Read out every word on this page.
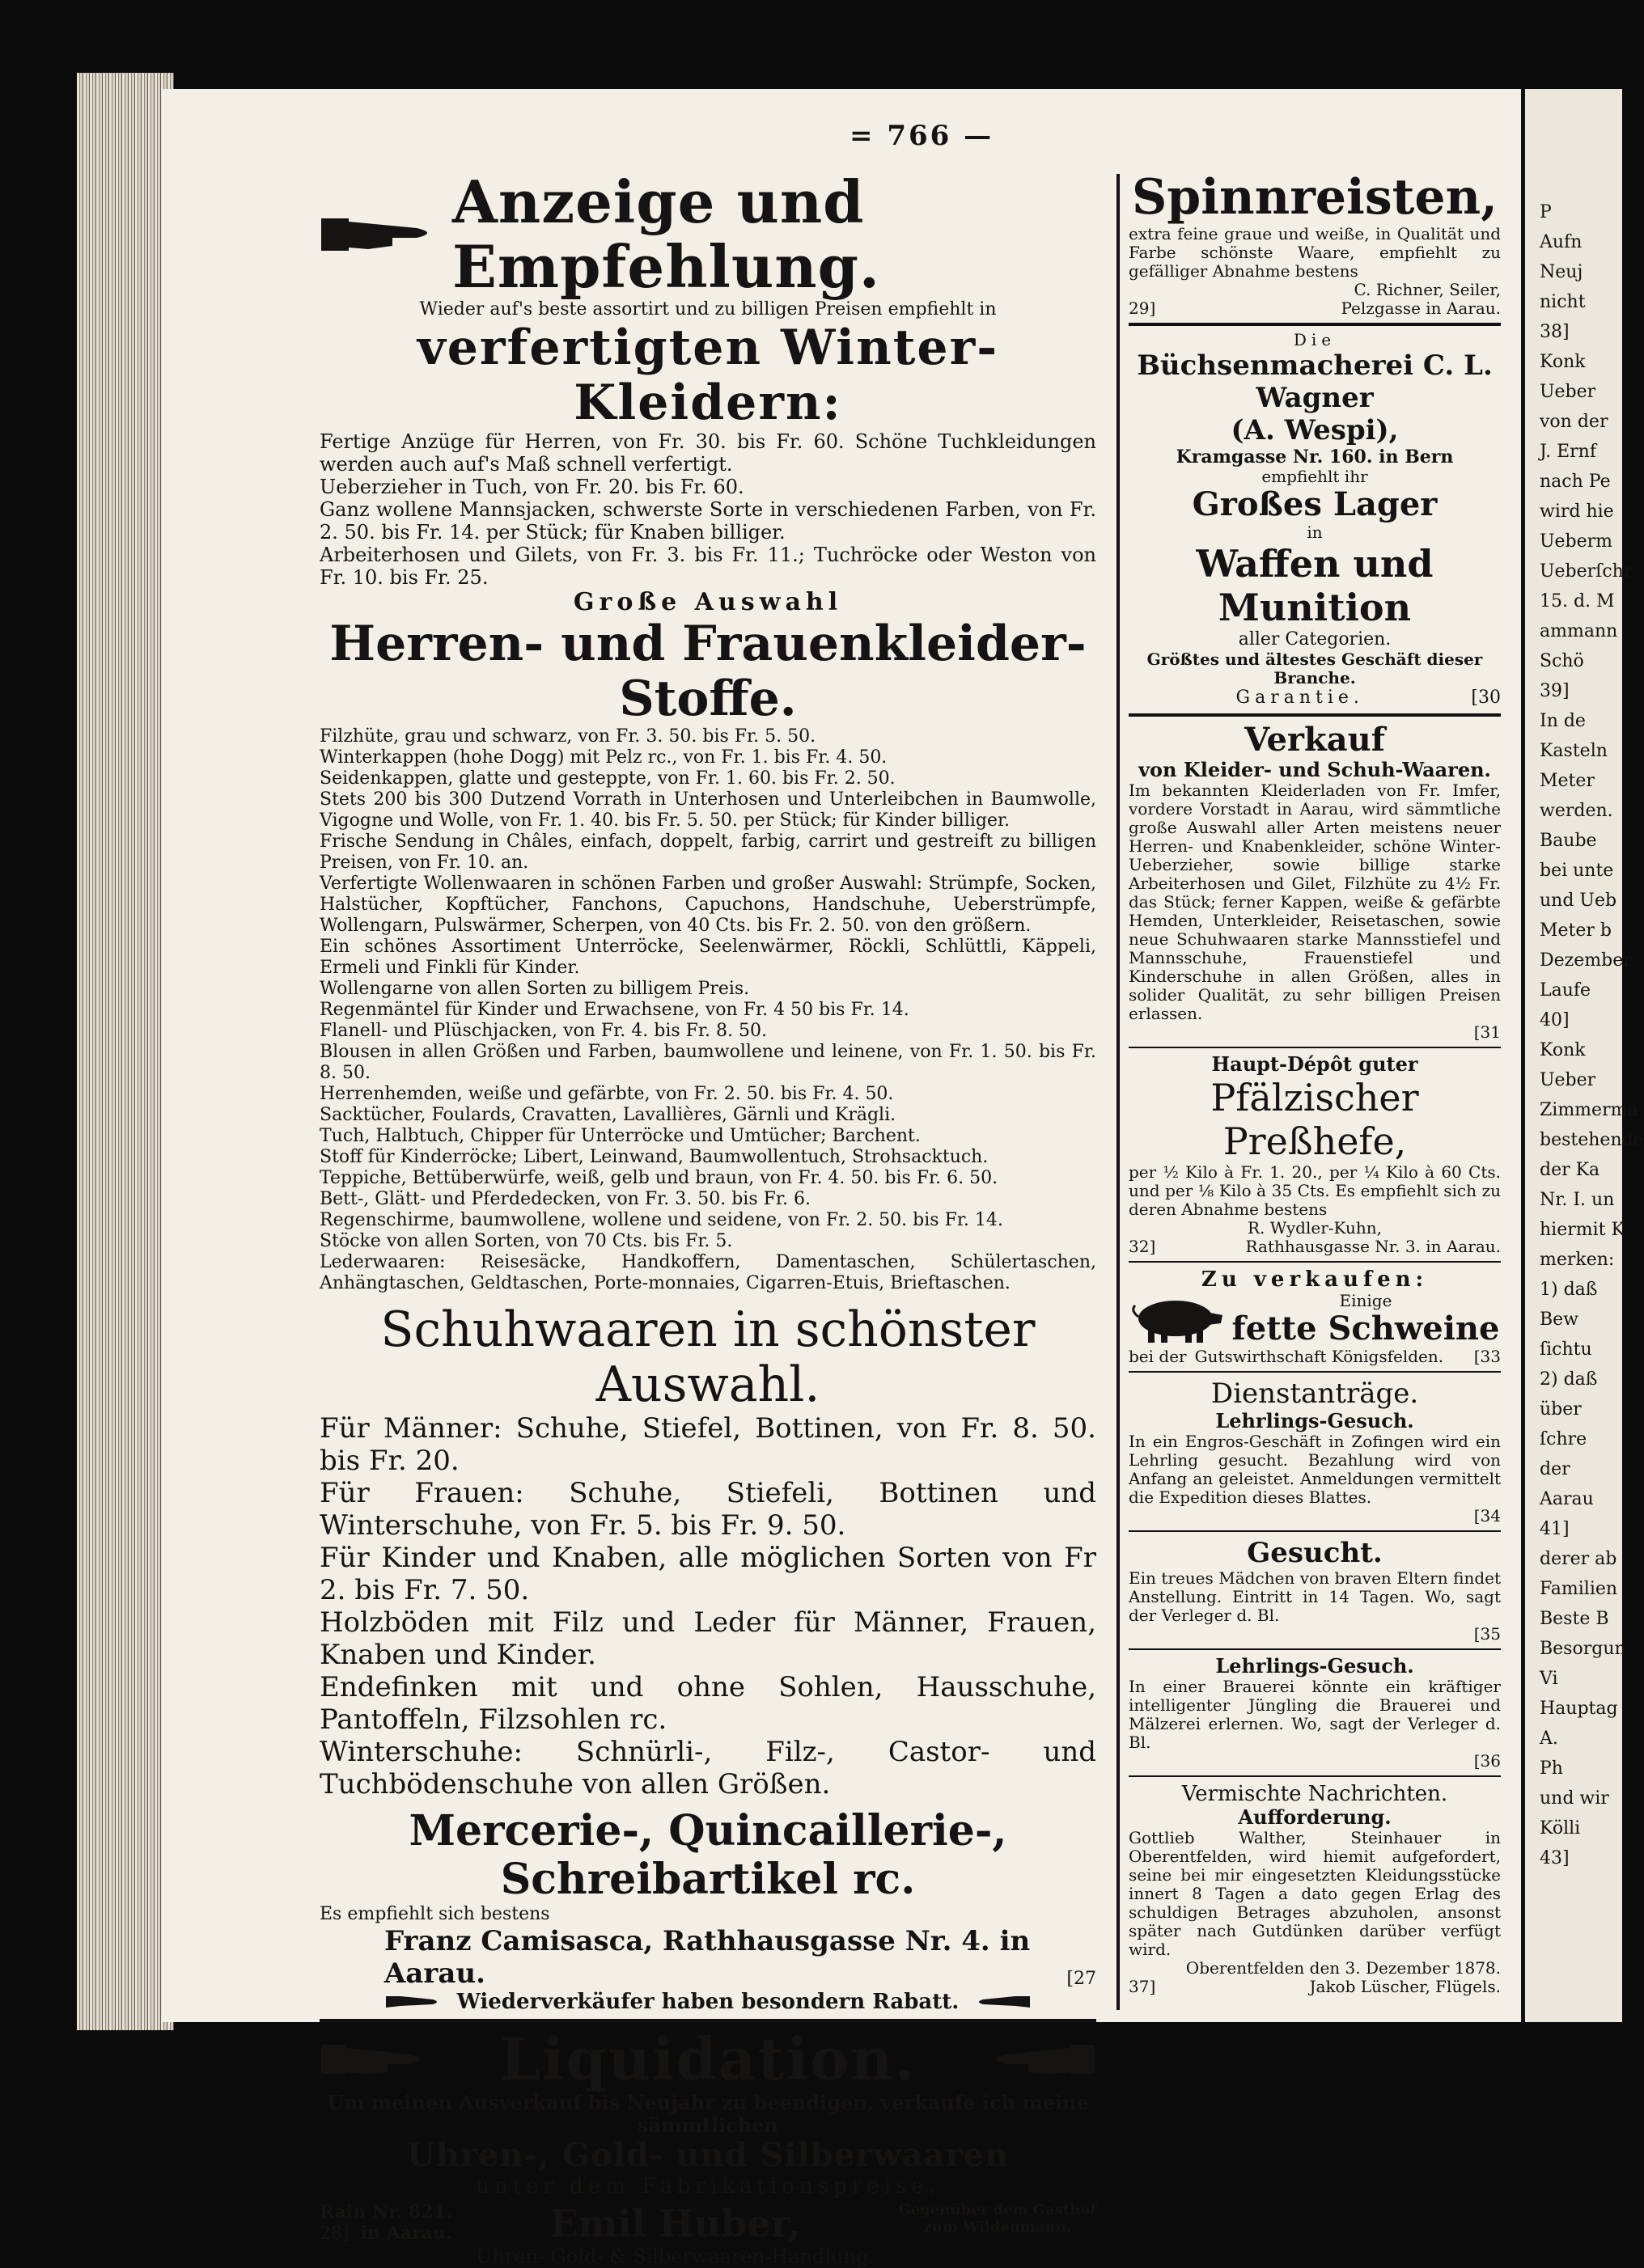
P
Aufn
Neuj
nicht
38]
Konk
Ueber
von der
J. Ernf
nach Pe
wird hie
Ueberm
Ueberſchr
15. d. M
ammann
Schö
39]
In de
Kasteln
Meter
werden.
Baube
bei unte
und Ueb
Meter b
Dezember
Laufe
40]
Konk
Ueber
Zimmerma
bestehende
der Ka
Nr. I. un
hiermit K
merken:
1) daß
Bew
ſichtu
2) daß
über
ſchre
der
Aarau
41]
derer ab
Familien
Beste B
Besorgun
Vi
Hauptag
A.
Ph
und wir
Kölli
43]
= 766 —
Anzeige und Empfehlung.

Wieder auf's beste assortirt und zu billigen Preisen empfiehlt in

verfertigten Winter-Kleidern:

Fertige Anzüge für Herren, von Fr. 30. bis Fr. 60. Schöne Tuchkleidungen werden auch auf's Maß schnell verfertigt.

Ueberzieher in Tuch, von Fr. 20. bis Fr. 60.

Ganz wollene Mannsjacken, schwerste Sorte in verschiedenen Farben, von Fr. 2. 50. bis Fr. 14. per Stück; für Knaben billiger.

Arbeiterhosen und Gilets, von Fr. 3. bis Fr. 11.; Tuchröcke oder Weston von Fr. 10. bis Fr. 25.

Große Auswahl

Herren- und Frauenkleider-Stoffe.

Filzhüte, grau und schwarz, von Fr. 3. 50. bis Fr. 5. 50.

Winterkappen (hohe Dogg) mit Pelz rc., von Fr. 1. bis Fr. 4. 50.

Seidenkappen, glatte und gesteppte, von Fr. 1. 60. bis Fr. 2. 50.

Stets 200 bis 300 Dutzend Vorrath in Unterhosen und Unterleibchen in Baumwolle, Vigogne und Wolle, von Fr. 1. 40. bis Fr. 5. 50. per Stück; für Kinder billiger.

Frische Sendung in Châles, einfach, doppelt, farbig, carrirt und gestreift zu billigen Preisen, von Fr. 10. an.

Verfertigte Wollenwaaren in schönen Farben und großer Auswahl: Strümpfe, Socken, Halstücher, Kopftücher, Fanchons, Capuchons, Handschuhe, Ueberstrümpfe, Wollengarn, Pulswärmer, Scherpen, von 40 Cts. bis Fr. 2. 50. von den größern.

Ein schönes Assortiment Unterröcke, Seelenwärmer, Röckli, Schlüttli, Käppeli, Ermeli und Finkli für Kinder.

Wollengarne von allen Sorten zu billigem Preis.

Regenmäntel für Kinder und Erwachsene, von Fr. 4 50 bis Fr. 14.

Flanell- und Plüschjacken, von Fr. 4. bis Fr. 8. 50.

Blousen in allen Größen und Farben, baumwollene und leinene, von Fr. 1. 50. bis Fr. 8. 50.

Herrenhemden, weiße und gefärbte, von Fr. 2. 50. bis Fr. 4. 50.

Sacktücher, Foulards, Cravatten, Lavallières, Gärnli und Krägli.

Tuch, Halbtuch, Chipper für Unterröcke und Umtücher; Barchent.

Stoff für Kinderröcke; Libert, Leinwand, Baumwollentuch, Strohsacktuch.

Teppiche, Bettüberwürfe, weiß, gelb und braun, von Fr. 4. 50. bis Fr. 6. 50.

Bett-, Glätt- und Pferdedecken, von Fr. 3. 50. bis Fr. 6.

Regenschirme, baumwollene, wollene und seidene, von Fr. 2. 50. bis Fr. 14.

Stöcke von allen Sorten, von 70 Cts. bis Fr. 5.

Lederwaaren: Reisesäcke, Handkoffern, Damentaschen, Schülertaschen, Anhängtaschen, Geldtaschen, Porte-monnaies, Cigarren-Etuis, Brieftaschen.

Schuhwaaren in schönster Auswahl.

Für Männer: Schuhe, Stiefel, Bottinen, von Fr. 8. 50. bis Fr. 20.

Für Frauen: Schuhe, Stiefeli, Bottinen und Winterschuhe, von Fr. 5. bis Fr. 9. 50.

Für Kinder und Knaben, alle möglichen Sorten von Fr 2. bis Fr. 7. 50.

Holzböden mit Filz und Leder für Männer, Frauen, Knaben und Kinder.

Endefinken mit und ohne Sohlen, Hausschuhe, Pantoffeln, Filzsohlen rc.

Winterschuhe: Schnürli-, Filz-, Castor- und Tuchbödenschuhe von allen Größen.

Mercerie-, Quincaillerie-, Schreibartikel rc.

Es empfiehlt sich bestens
Franz Camisasca, Rathhausgasse Nr. 4. in Aarau.	[27
Wiederverkäufer haben besondern Rabatt.
Liquidation.

Um meinen Ausverkauf bis Neujahr zu beendigen, verkaufe ich meine sämmtlichen

Uhren-, Gold- und Silberwaaren

unter dem Fabrikationspreise.

Rain Nr. 821.
28] in Aarau.	Emil Huber,
Uhren- Gold- & Silberwaaren-Handlung.
Gegenüber dem Gasthof
zum Wildenmann.

Spinnreisten,

extra feine graue und weiße, in Qualität und Farbe schönste Waare, empfiehlt zu gefälliger Abnahme bestens

C. Richner, Seiler,

29]	Pelzgasse in Aarau.

Die

Büchsenmacherei C. L. Wagner

(A. Wespi),

Kramgasse Nr. 160. in Bern

empfiehlt ihr

Großes Lager

in

Waffen und Munition

aller Categorien.

Größtes und ältestes Geschäft dieser Branche.

Garantie.	[30

Verkauf

von Kleider- und Schuh-Waaren.

Im bekannten Kleiderladen von Fr. Imfer, vordere Vorstadt in Aarau, wird sämmtliche große Auswahl aller Arten meistens neuer Herren- und Knabenkleider, schöne Winter-Ueberzieher, sowie billige starke Arbeiterhosen und Gilet, Filzhüte zu 4½ Fr. das Stück; ferner Kappen, weiße & gefärbte Hemden, Unterkleider, Reisetaschen, sowie neue Schuhwaaren starke Mannsstiefel und Mannsschuhe, Frauenstiefel und Kinderschuhe in allen Größen, alles in solider Qualität, zu sehr billigen Preisen erlassen.

[31

Haupt-Dépôt guter

Pfälzischer Preßhefe,

per ½ Kilo à Fr. 1. 20., per ¼ Kilo à 60 Cts. und per ⅛ Kilo à 35 Cts. Es empfiehlt sich zu deren Abnahme bestens

R. Wydler-Kuhn,

32]	Rathhausgasse Nr. 3. in Aarau.

Zu verkaufen:

Einige

fette Schweine

bei der Gutswirthschaft Königsfelden.	[33

Dienstanträge.

Lehrlings-Gesuch.

In ein Engros-Geschäft in Zofingen wird ein Lehrling gesucht. Bezahlung wird von Anfang an geleistet. Anmeldungen vermittelt die Expedition dieses Blattes.

[34

Gesucht.

Ein treues Mädchen von braven Eltern findet Anstellung. Eintritt in 14 Tagen. Wo, sagt der Verleger d. Bl.

[35

Lehrlings-Gesuch.

In einer Brauerei könnte ein kräftiger intelligenter Jüngling die Brauerei und Mälzerei erlernen. Wo, sagt der Verleger d. Bl.

[36

Vermischte Nachrichten.

Aufforderung.

Gottlieb Walther, Steinhauer in Oberentfelden, wird hiemit aufgefordert, seine bei mir eingesetzten Kleidungsstücke innert 8 Tagen a dato gegen Erlag des schuldigen Betrages abzuholen, ansonst später nach Gutdünken darüber verfügt wird.

Oberentfelden den 3. Dezember 1878.

37]	Jakob Lüscher, Flügels.
